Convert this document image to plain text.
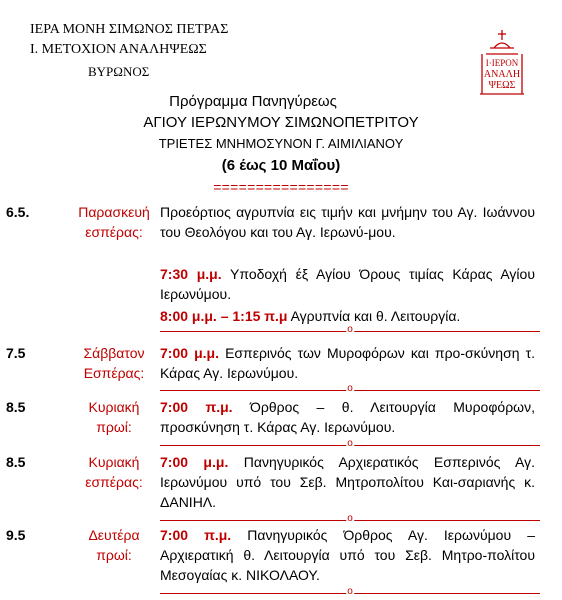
ΙΕΡΑ ΜΟΝΗ ΣΙΜΩΝΟΣ ΠΕΤΡΑΣ
Ι. ΜΕΤΟΧΙΟΝ ΑΝΑΛΗΨΕΩΣ
ΒΥΡΩΝΟΣ
Ι·ΙΕΡΟΝ
ΑΝΑΛΗ
ΨΕΩΣ
Πρόγραμμα Πανηγύρεως
ΑΓΙΟΥ ΙΕΡΩΝΥΜΟΥ ΣΙΜΩΝΟΠΕΤΡΙΤΟΥ
ΤΡΙΕΤΕΣ ΜΝΗΜΟΣΥΝΟΝ Γ. ΑΙΜΙΛΙΑΝΟΥ
(6 έως 10 Μαΐου)
================
6.5.	Παρασκευή
εσπέρας:
Προεόρτιος αγρυπνία εις τιμήν και μνήμην του Αγ. Ιωάννου του Θεολόγου και του Αγ. Ιερωνύ-μου.
7:30 μ.μ. Υποδοχή έξ Αγίου Όρους τιμίας Κάρας Αγίου Ιερωνύμου.
8:00 μ.μ. – 1:15 π.μ Αγρυπνία και θ. Λειτουργία.
o
7.5	Σάββατον
Εσπέρας:
7:00 μ.μ. Εσπερινός των Μυροφόρων και προ-σκύνηση τ. Κάρας Αγ. Ιερωνύμου.
o
8.5	Κυριακή
πρωί:
7:00 π.μ. Όρθρος – θ. Λειτουργία Μυροφόρων, προσκύνηση τ. Κάρας Αγ. Ιερωνύμου.
o
8.5	Κυριακή
εσπέρας:
7:00 μ.μ. Πανηγυρικός Αρχιερατικός Εσπερινός Αγ. Ιερωνύμου υπό του Σεβ. Μητροπολίτου Και-σαριανής κ. ΔΑΝΙΗΛ.
o
9.5	Δευτέρα
πρωί:
7:00 π.μ. Πανηγυρικός Όρθρος Αγ. Ιερωνύμου – Αρχιερατική θ. Λειτουργία υπό του Σεβ. Μητρο-πολίτου Μεσογαίας κ. ΝΙΚΟΛΑΟΥ.
o
